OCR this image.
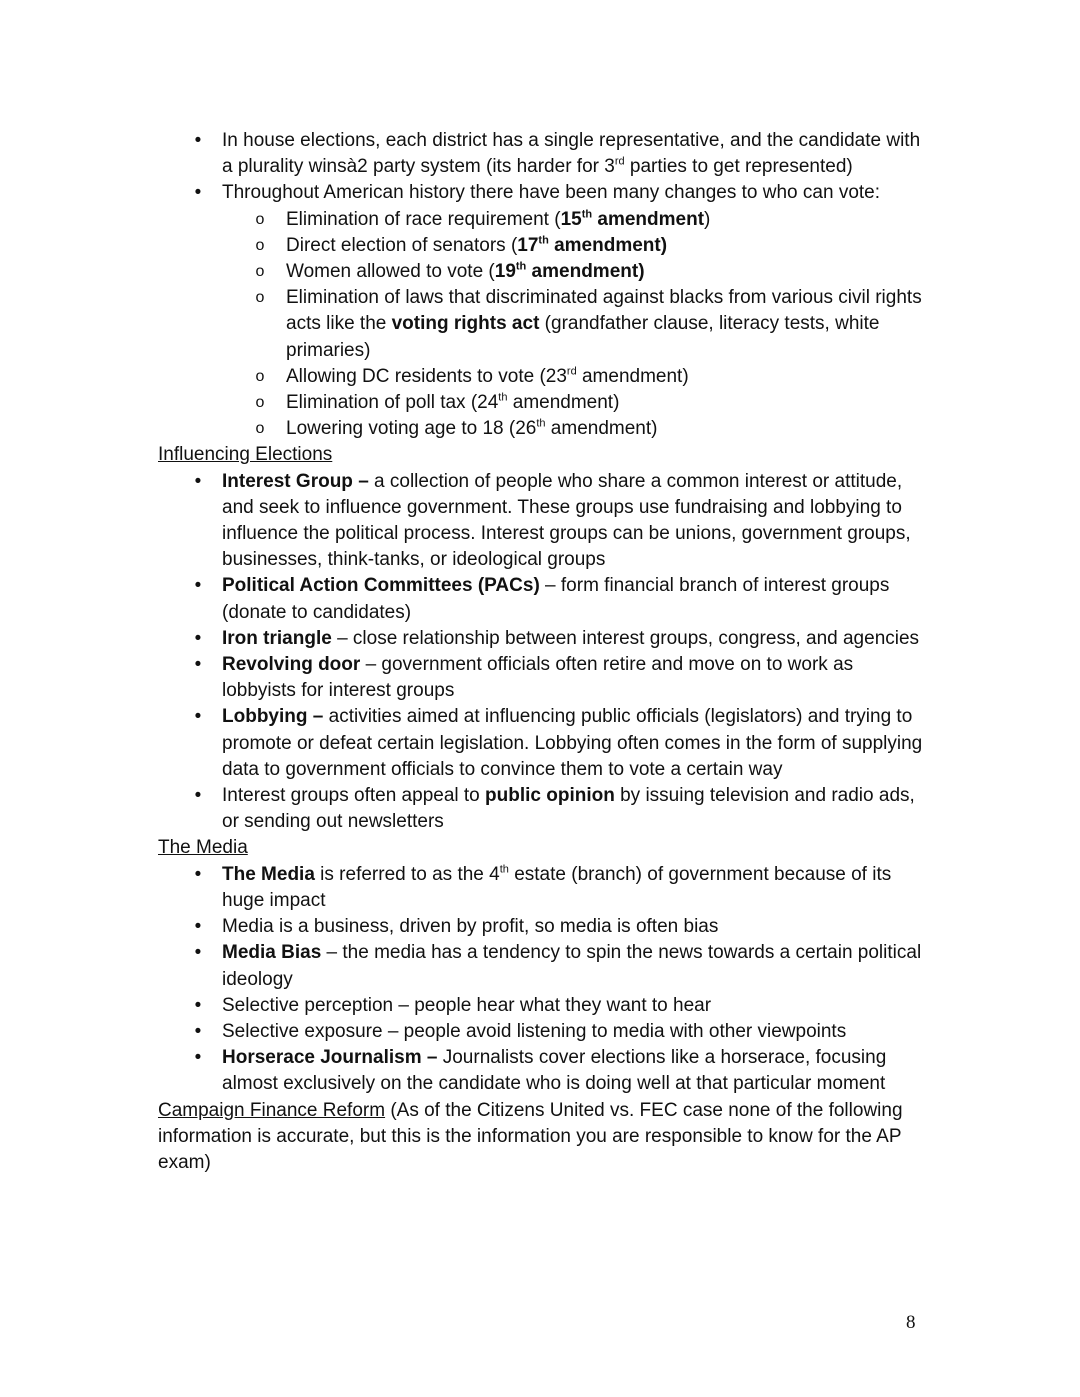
• In house elections, each district has a single representative, and the candidate with a plurality winsà2 party system (its harder for 3rd parties to get represented)
• Throughout American history there have been many changes to who can vote:
o Elimination of race requirement (15th amendment)
o Direct election of senators (17th amendment)
o Women allowed to vote (19th amendment)
o Elimination of laws that discriminated against blacks from various civil rights acts like the voting rights act (grandfather clause, literacy tests, white primaries)
o Allowing DC residents to vote (23rd amendment)
o Elimination of poll tax (24th amendment)
o Lowering voting age to 18 (26th amendment)
Influencing Elections
• Interest Group – a collection of people who share a common interest or attitude, and seek to influence government. These groups use fundraising and lobbying to influence the political process. Interest groups can be unions, government groups, businesses, think-tanks, or ideological groups
• Political Action Committees (PACs) – form financial branch of interest groups (donate to candidates)
• Iron triangle – close relationship between interest groups, congress, and agencies
• Revolving door – government officials often retire and move on to work as lobbyists for interest groups
• Lobbying – activities aimed at influencing public officials (legislators) and trying to promote or defeat certain legislation. Lobbying often comes in the form of supplying data to government officials to convince them to vote a certain way
• Interest groups often appeal to public opinion by issuing television and radio ads, or sending out newsletters
The Media
• The Media is referred to as the 4th estate (branch) of government because of its huge impact
• Media is a business, driven by profit, so media is often bias
• Media Bias – the media has a tendency to spin the news towards a certain political ideology
• Selective perception – people hear what they want to hear
• Selective exposure – people avoid listening to media with other viewpoints
• Horserace Journalism – Journalists cover elections like a horserace, focusing almost exclusively on the candidate who is doing well at that particular moment
Campaign Finance Reform (As of the Citizens United vs. FEC case none of the following information is accurate, but this is the information you are responsible to know for the AP exam)
8
